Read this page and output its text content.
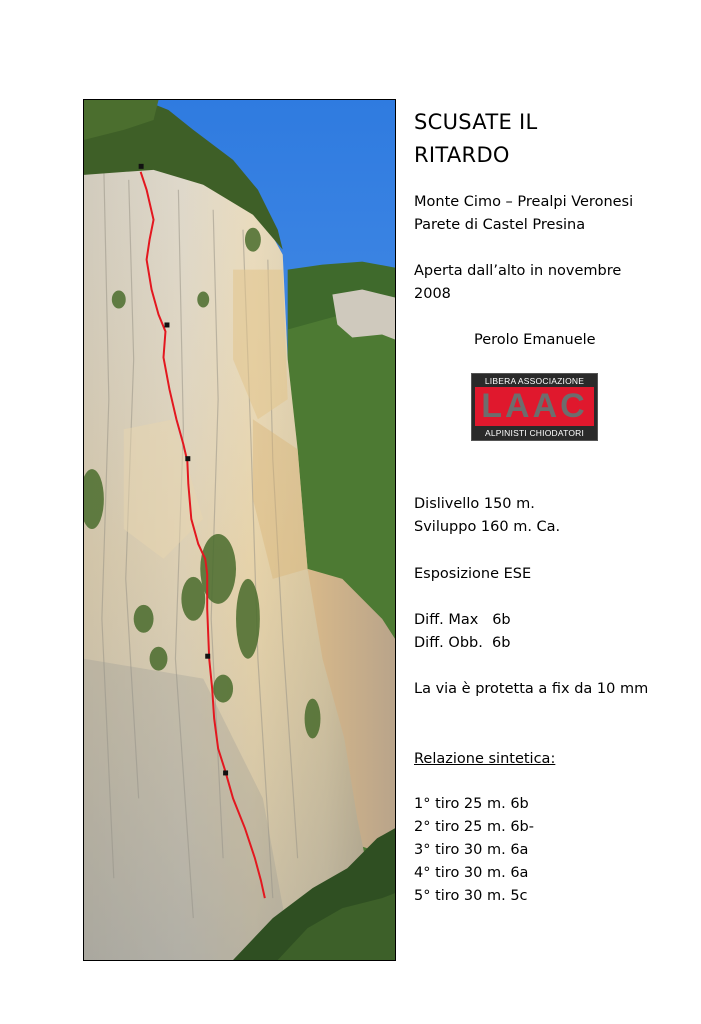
SCUSATE IL RITARDO
Monte Cimo – Prealpi Veronesi
Parete di Castel Presina
Aperta dall’alto in novembre
2008
Perolo Emanuele
Dislivello 150 m.
Sviluppo 160 m. Ca.
Esposizione ESE
Diff. Max   6b
Diff. Obb.  6b
La via è protetta a fix da 10 mm
Relazione sintetica:
1° tiro 25 m. 6b
2° tiro 25 m. 6b-
3° tiro 30 m. 6a
4° tiro 30 m. 6a
5° tiro 30 m. 5c
LIBERA ASSOCIAZIONE
LAAC
ALPINISTI CHIODATORI
